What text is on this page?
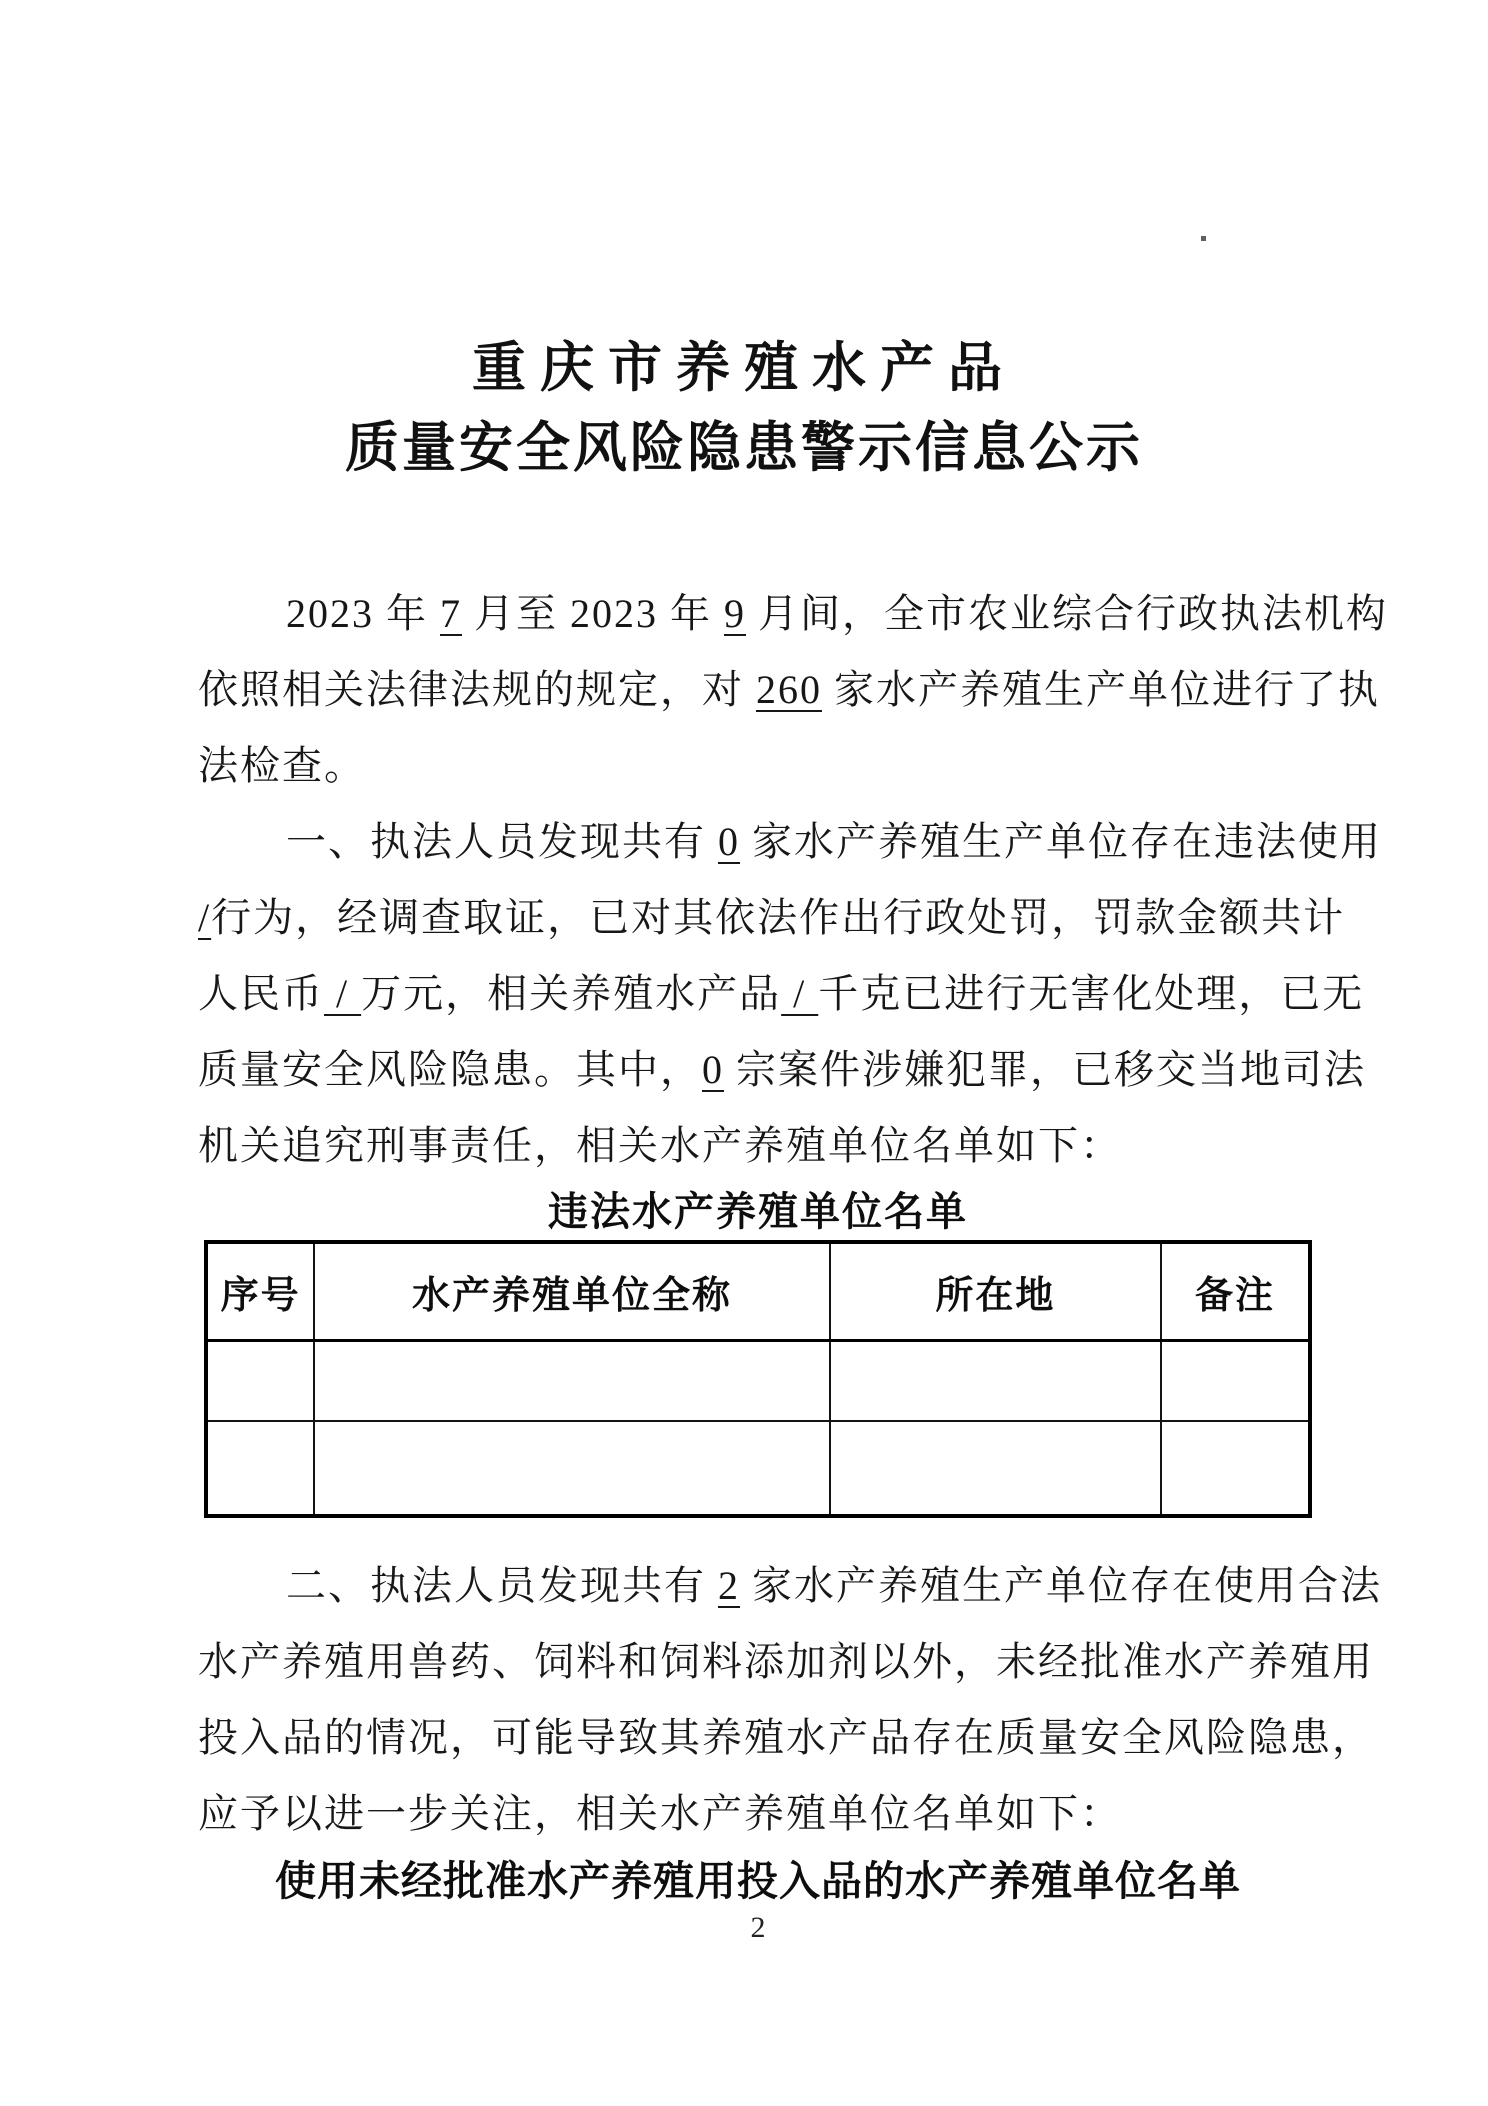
重庆市养殖水产品
质量安全风险隐患警示信息公示
2023 年 7 月至 2023 年 9 月间，全市农业综合行政执法机构
依照相关法律法规的规定，对 260 家水产养殖生产单位进行了执
法检查。
一、执法人员发现共有 0 家水产养殖生产单位存在违法使用
/行为，经调查取证，已对其依法作出行政处罚，罚款金额共计
人民币 / 万元，相关养殖水产品 / 千克已进行无害化处理，已无
质量安全风险隐患。其中，0 宗案件涉嫌犯罪，已移交当地司法
机关追究刑事责任，相关水产养殖单位名单如下：
违法水产养殖单位名单
序号	水产养殖单位全称	所在地	备注

二、执法人员发现共有 2 家水产养殖生产单位存在使用合法
水产养殖用兽药、饲料和饲料添加剂以外，未经批准水产养殖用
投入品的情况，可能导致其养殖水产品存在质量安全风险隐患，
应予以进一步关注，相关水产养殖单位名单如下：
使用未经批准水产养殖用投入品的水产养殖单位名单
2
